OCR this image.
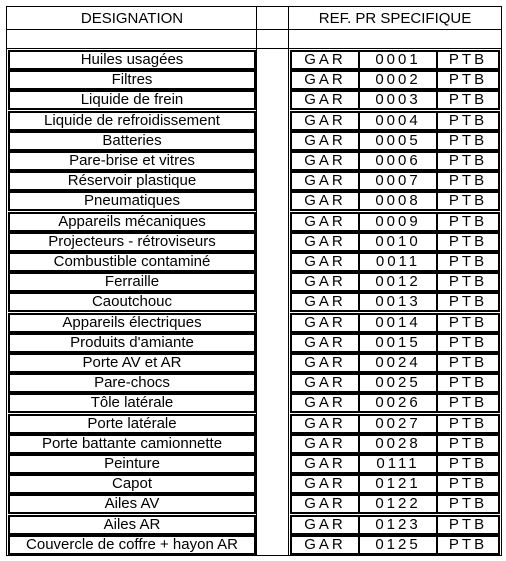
DESIGNATION	REF. PR SPECIFIQUE
Huiles usagées	GAR	0001	PTB
Filtres	GAR	0002	PTB
Liquide de frein	GAR	0003	PTB
Liquide de refroidissement	GAR	0004	PTB
Batteries	GAR	0005	PTB
Pare-brise et vitres	GAR	0006	PTB
Réservoir plastique	GAR	0007	PTB
Pneumatiques	GAR	0008	PTB
Appareils mécaniques	GAR	0009	PTB
Projecteurs - rétroviseurs	GAR	0010	PTB
Combustible contaminé	GAR	0011	PTB
Ferraille	GAR	0012	PTB
Caoutchouc	GAR	0013	PTB
Appareils électriques	GAR	0014	PTB
Produits d'amiante	GAR	0015	PTB
Porte AV et AR	GAR	0024	PTB
Pare-chocs	GAR	0025	PTB
Tôle latérale	GAR	0026	PTB
Porte latérale	GAR	0027	PTB
Porte battante camionnette	GAR	0028	PTB
Peinture	GAR	0111	PTB
Capot	GAR	0121	PTB
Ailes AV	GAR	0122	PTB
Ailes AR	GAR	0123	PTB
Couvercle de coffre + hayon AR	GAR	0125	PTB
